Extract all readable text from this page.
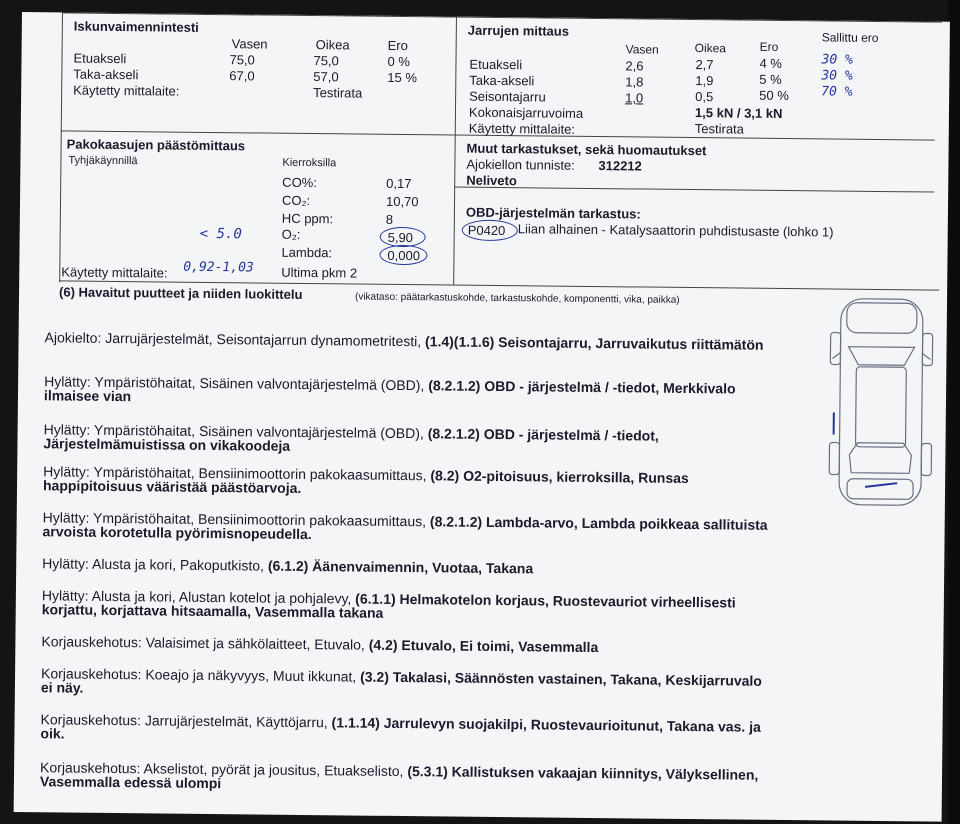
Iskunvaimennintesti
Vasen	Oikea	Ero
Etuakseli	75,0	75,0	0 %
Taka-akseli	67,0	57,0	15 %
Käytetty mittalaite:	Testirata
Jarrujen mittaus
Vasen	Oikea	Ero
Sallittu ero
Etuakseli	2,6	2,7	4 %	30 %
Taka-akseli	1,8	1,9	5 %	30 %
Seisontajarru	1,0	0,5	50 % 70 %
Kokonaisjarruvoima	1,5 kN / 3,1 kN
Käytetty mittalaite:	Testirata
Pakokaasujen päästömittaus
Tyhjäkäynnillä	Kierroksilla
CO%:	0,17
CO₂:	10,70
HC ppm:	8
O₂:	5,90
Lambda:	0,000
< 5.0
Käytetty mittalaite: 0,92-1,03 Ultima pkm 2
Muut tarkastukset, sekä huomautukset
Ajokiellon tunniste: 312212
Neliveto
OBD-järjestelmän tarkastus:
P0420 Liian alhainen - Katalysaattorin puhdistusaste (lohko 1)
(6) Havaitut puutteet ja niiden luokittelu	(vikataso: päätarkastuskohde, tarkastuskohde, komponentti, vika, paikka)
Ajokielto: Jarrujärjestelmät, Seisontajarrun dynamometritesti, (1.4)(1.1.6) Seisontajarru, Jarruvaikutus riittämätön
Hylätty: Ympäristöhaitat, Sisäinen valvontajärjestelmä (OBD), (8.2.1.2) OBD - järjestelmä / -tiedot, Merkkivalo ilmaisee vian
Hylätty: Ympäristöhaitat, Sisäinen valvontajärjestelmä (OBD), (8.2.1.2) OBD - järjestelmä / -tiedot, Järjestelmämuistissa on vikakoodeja
Hylätty: Ympäristöhaitat, Bensiinimoottorin pakokaasumittaus, (8.2) O2-pitoisuus, kierroksilla, Runsas happipitoisuus vääristää päästöarvoja.
Hylätty: Ympäristöhaitat, Bensiinimoottorin pakokaasumittaus, (8.2.1.2) Lambda-arvo, Lambda poikkeaa sallituista arvoista korotetulla pyörimisnopeudella.
Hylätty: Alusta ja kori, Pakoputkisto, (6.1.2) Äänenvaimennin, Vuotaa, Takana
Hylätty: Alusta ja kori, Alustan kotelot ja pohjalevy, (6.1.1) Helmakotelon korjaus, Ruostevauriot virheellisesti korjattu, korjattava hitsaamalla, Vasemmalla takana
Korjauskehotus: Valaisimet ja sähkölaitteet, Etuvalo, (4.2) Etuvalo, Ei toimi, Vasemmalla
Korjauskehotus: Koeajo ja näkyvyys, Muut ikkunat, (3.2) Takalasi, Säännösten vastainen, Takana, Keskijarruvalo ei näy.
Korjauskehotus: Jarrujärjestelmät, Käyttöjarru, (1.1.14) Jarrulevyn suojakilpi, Ruostevaurioitunut, Takana vas. ja oik.
Korjauskehotus: Akselistot, pyörät ja jousitus, Etuakselisto, (5.3.1) Kallistuksen vakaajan kiinnitys, Välyksellinen, Vasemmalla edessä ulompi
